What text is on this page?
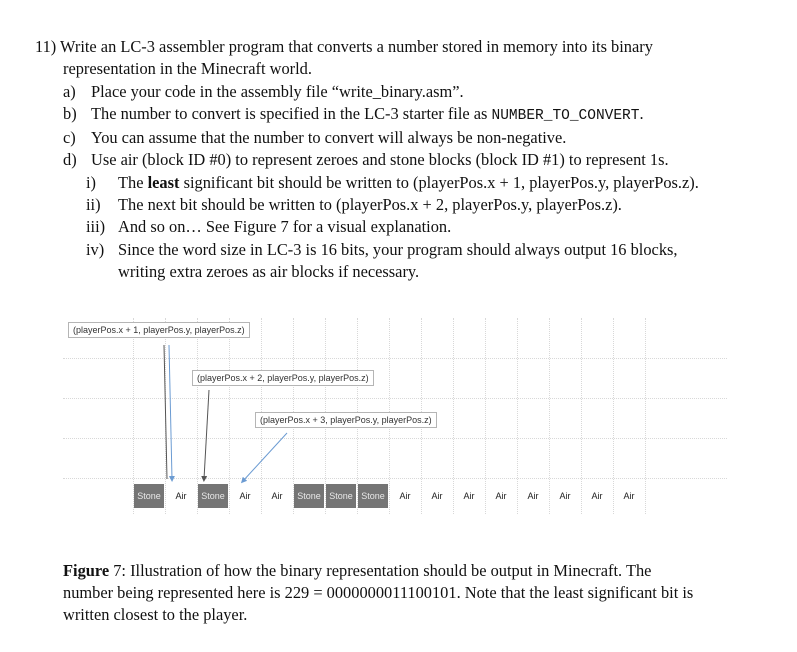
11) Write an LC-3 assembler program that converts a number stored in memory into its binary
representation in the Minecraft world.
a) Place your code in the assembly file “write_binary.asm”.
b) The number to convert is specified in the LC-3 starter file as NUMBER_TO_CONVERT.
c) You can assume that the number to convert will always be non-negative.
d) Use air (block ID #0) to represent zeroes and stone blocks (block ID #1) to represent 1s.
i) The least significant bit should be written to (playerPos.x + 1, playerPos.y, playerPos.z).
ii) The next bit should be written to (playerPos.x + 2, playerPos.y, playerPos.z).
iii) And so on… See Figure 7 for a visual explanation.
iv) Since the word size in LC-3 is 16 bits, your program should always output 16 blocks,
writing extra zeroes as air blocks if necessary.
(playerPos.x + 1, playerPos.y, playerPos.z)
(playerPos.x + 2, playerPos.y, playerPos.z)
(playerPos.x + 3, playerPos.y, playerPos.z)
Stone	Air	Stone	Air	Air	Stone Stone Stone	Air	Air	Air	Air	Air	Air	Air	Air
Figure 7: Illustration of how the binary representation should be output in Minecraft. The
number being represented here is 229 = 0000000011100101. Note that the least significant bit is
written closest to the player.
